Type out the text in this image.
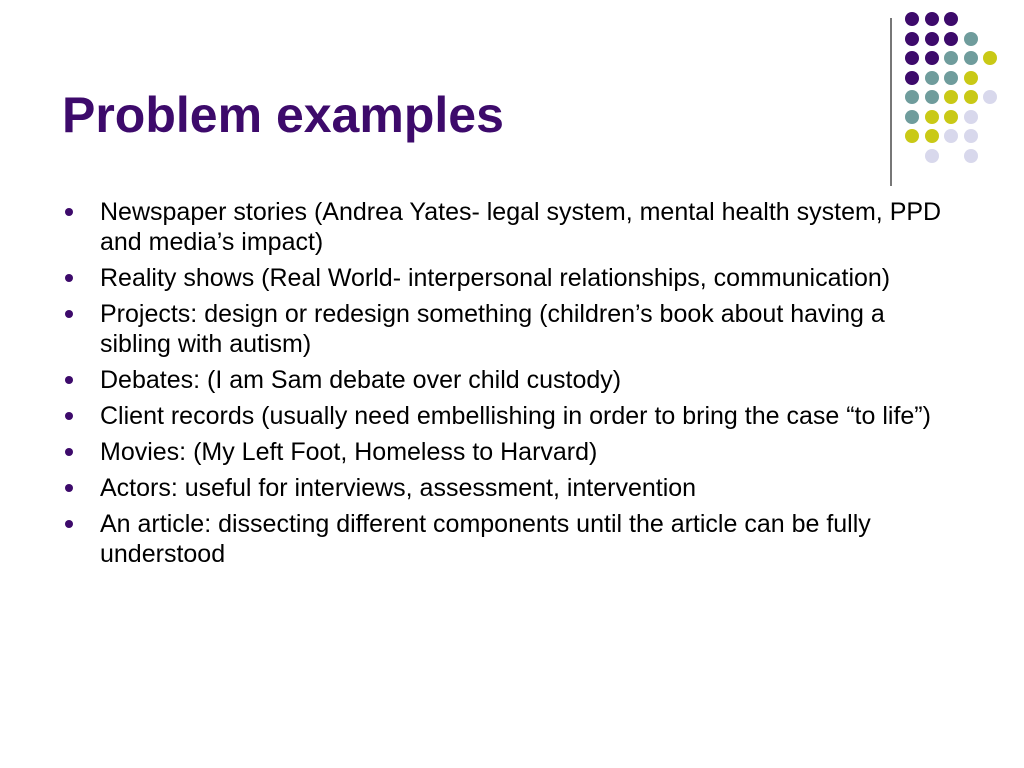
Problem examples
Newspaper stories (Andrea Yates- legal system, mental health system, PPD and media’s impact)
Reality shows (Real World- interpersonal relationships, communication)
Projects: design or redesign something (children’s book about having a sibling with autism)
Debates: (I am Sam debate over child custody)
Client records (usually need embellishing in order to bring the case “to life”)
Movies: (My Left Foot, Homeless to Harvard)
Actors: useful for interviews, assessment, intervention
An article: dissecting different components until the article can be fully understood
